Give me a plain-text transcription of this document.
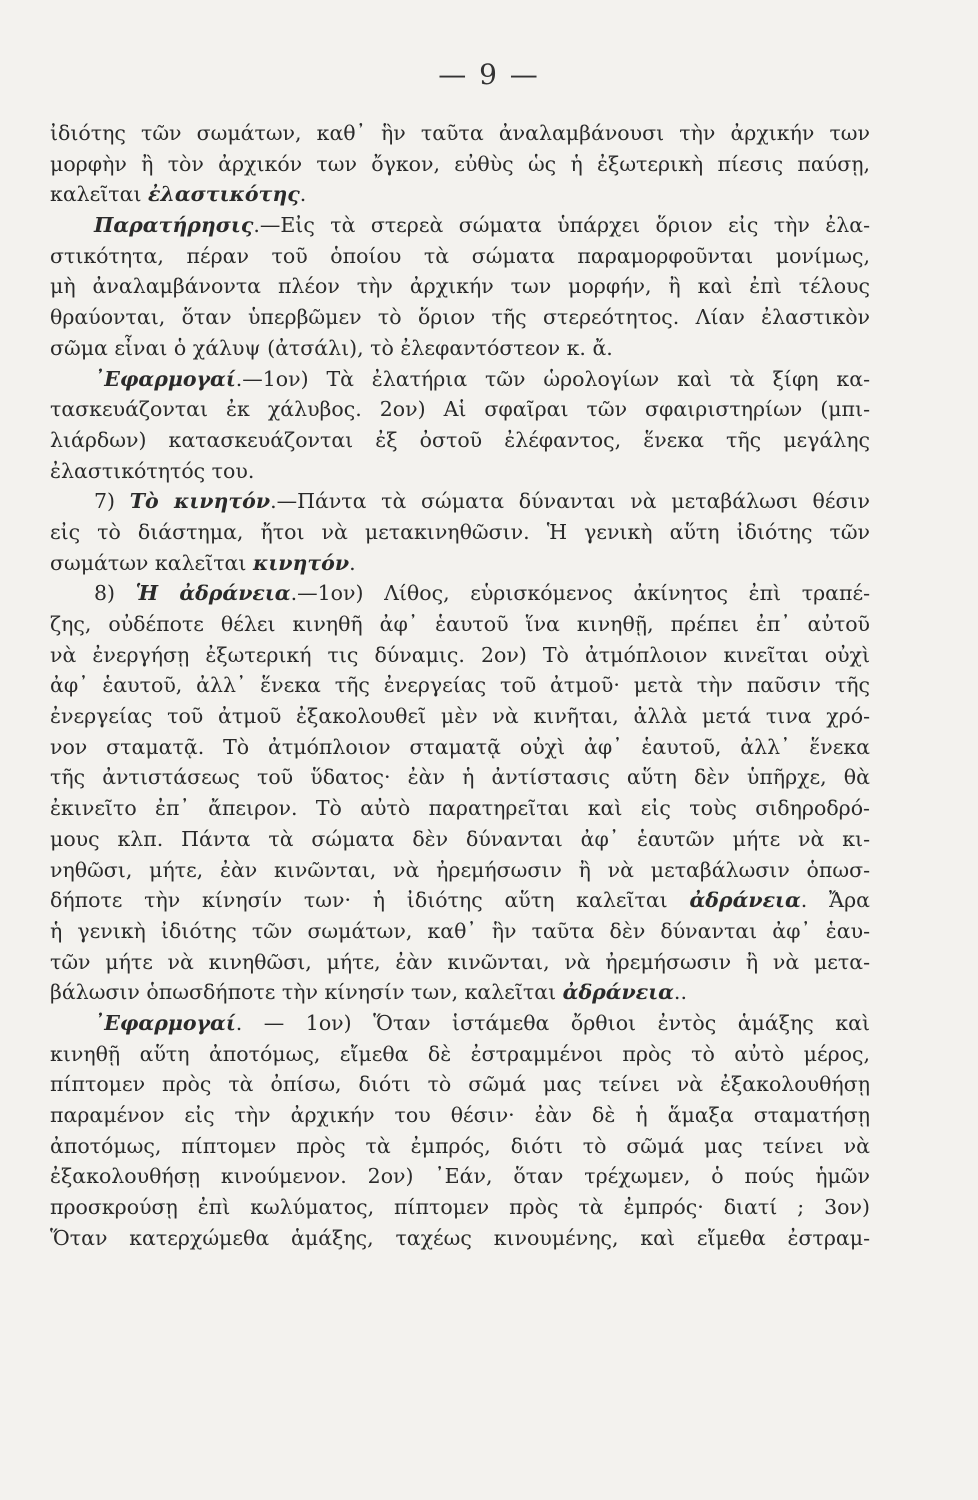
— 9 —
ἰδιότης τῶν σωμάτων, καθ᾽ ἣν ταῦτα ἀναλαμβάνουσι τὴν ἀρχικήν των
μορφὴν ἢ τὸν ἀρχικόν των ὄγκον, εὐθὺς ὡς ἡ ἐξωτερικὴ πίεσις παύσῃ,
καλεῖται ἐλαστικότης.
Παρατήρησις.—Εἰς τὰ στερεὰ σώματα ὑπάρχει ὅριον εἰς τὴν ἐλα-
στικότητα, πέραν τοῦ ὁποίου τὰ σώματα παραμορφοῦνται μονίμως,
μὴ ἀναλαμβάνοντα πλέον τὴν ἀρχικήν των μορφήν, ἢ καὶ ἐπὶ τέλους
θραύονται, ὅταν ὑπερβῶμεν τὸ ὅριον τῆς στερεότητος. Λίαν ἐλαστικὸν
σῶμα εἶναι ὁ χάλυψ (ἀτσάλι), τὸ ἐλεφαντόστεον κ. ἄ.
᾿Εφαρμογαί.—1ον) Τὰ ἐλατήρια τῶν ὡρολογίων καὶ τὰ ξίφη κα-
τασκευάζονται ἐκ χάλυβος. 2ον) Αἱ σφαῖραι τῶν σφαιριστηρίων (μπι-
λιάρδων) κατασκευάζονται ἐξ ὀστοῦ ἐλέφαντος, ἕνεκα τῆς μεγάλης
ἐλαστικότητός του.
7) Τὸ κινητόν.—Πάντα τὰ σώματα δύνανται νὰ μεταβάλωσι θέσιν
εἰς τὸ διάστημα, ἤτοι νὰ μετακινηθῶσιν. Ἡ γενικὴ αὕτη ἰδιότης τῶν
σωμάτων καλεῖται κινητόν.
8) Ἡ ἀδράνεια.—1ον) Λίθος, εὑρισκόμενος ἀκίνητος ἐπὶ τραπέ-
ζης, οὐδέποτε θέλει κινηθῆ ἀφ᾽ ἑαυτοῦ ἵνα κινηθῇ, πρέπει ἐπ᾽ αὐτοῦ
νὰ ἐνεργήσῃ ἐξωτερική τις δύναμις. 2ον) Τὸ ἀτμόπλοιον κινεῖται οὐχὶ
ἀφ᾽ ἑαυτοῦ, ἀλλ᾽ ἕνεκα τῆς ἐνεργείας τοῦ ἀτμοῦ· μετὰ τὴν παῦσιν τῆς
ἐνεργείας τοῦ ἀτμοῦ ἐξακολουθεῖ μὲν νὰ κινῆται, ἀλλὰ μετά τινα χρό-
νον σταματᾷ. Τὸ ἀτμόπλοιον σταματᾷ οὐχὶ ἀφ᾽ ἑαυτοῦ, ἀλλ᾽ ἕνεκα
τῆς ἀντιστάσεως τοῦ ὕδατος· ἐὰν ἡ ἀντίστασις αὕτη δὲν ὑπῆρχε, θὰ
ἐκινεῖτο ἐπ᾽ ἄπειρον. Τὸ αὐτὸ παρατηρεῖται καὶ εἰς τοὺς σιδηροδρό-
μους κλπ. Πάντα τὰ σώματα δὲν δύνανται ἀφ᾽ ἑαυτῶν μήτε νὰ κι-
νηθῶσι, μήτε, ἐὰν κινῶνται, νὰ ἠρεμήσωσιν ἢ νὰ μεταβάλωσιν ὁπωσ-
δήποτε τὴν κίνησίν των· ἡ ἰδιότης αὕτη καλεῖται ἀδράνεια. Ἄρα
ἡ γενικὴ ἰδιότης τῶν σωμάτων, καθ᾽ ἣν ταῦτα δὲν δύνανται ἀφ᾽ ἑαυ-
τῶν μήτε νὰ κινηθῶσι, μήτε, ἐὰν κινῶνται, νὰ ἠρεμήσωσιν ἢ νὰ μετα-
βάλωσιν ὁπωσδήποτε τὴν κίνησίν των, καλεῖται ἀδράνεια..
᾿Εφαρμογαί. — 1ον) Ὅταν ἱστάμεθα ὄρθιοι ἐντὸς ἁμάξης καὶ
κινηθῇ αὕτη ἀποτόμως, εἴμεθα δὲ ἐστραμμένοι πρὸς τὸ αὐτὸ μέρος,
πίπτομεν πρὸς τὰ ὀπίσω, διότι τὸ σῶμά μας τείνει νὰ ἐξακολουθήσῃ
παραμένον εἰς τὴν ἀρχικήν του θέσιν· ἐὰν δὲ ἡ ἅμαξα σταματήσῃ
ἀποτόμως, πίπτομεν πρὸς τὰ ἐμπρός, διότι τὸ σῶμά μας τείνει νὰ
ἐξακολουθήσῃ κινούμενον. 2ον) ᾿Εάν, ὅταν τρέχωμεν, ὁ πούς ἡμῶν
προσκρούσῃ ἐπὶ κωλύματος, πίπτομεν πρὸς τὰ ἐμπρός· διατί ; 3ον)
Ὅταν κατερχώμεθα ἁμάξης, ταχέως κινουμένης, καὶ εἴμεθα ἐστραμ-
